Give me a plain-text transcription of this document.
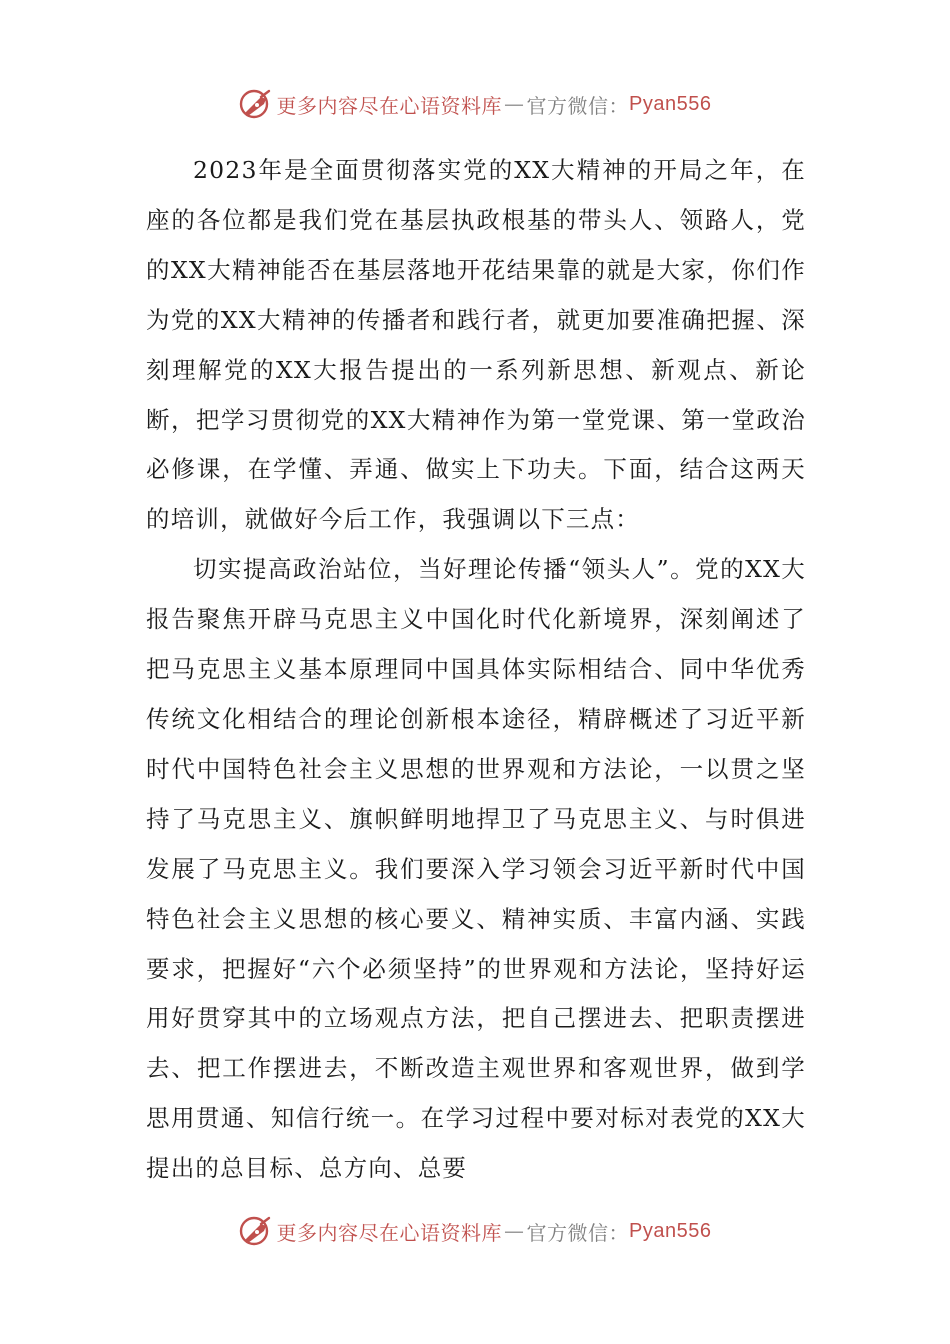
更多内容尽在心语资料库 — 官方微信： Pyan556

2023年是全面贯彻落实党的XX大精神的开局之年，在座的各位都是我们党在基层执政根基的带头人、领路人，党的XX大精神能否在基层落地开花结果靠的就是大家，你们作为党的XX大精神的传播者和践行者，就更加要准确把握、深刻理解党的XX大报告提出的一系列新思想、新观点、新论断，把学习贯彻党的XX大精神作为第一堂党课、第一堂政治必修课，在学懂、弄通、做实上下功夫。下面，结合这两天的培训，就做好今后工作，我强调以下三点：

切实提高政治站位，当好理论传播“领头人”。党的XX大报告聚焦开辟马克思主义中国化时代化新境界，深刻阐述了把马克思主义基本原理同中国具体实际相结合、同中华优秀传统文化相结合的理论创新根本途径，精辟概述了习近平新时代中国特色社会主义思想的世界观和方法论，一以贯之坚持了马克思主义、旗帜鲜明地捍卫了马克思主义、与时俱进发展了马克思主义。我们要深入学习领会习近平新时代中国特色社会主义思想的核心要义、精神实质、丰富内涵、实践要求，把握好“六个必须坚持”的世界观和方法论，坚持好运用好贯穿其中的立场观点方法，把自己摆进去、把职责摆进去、把工作摆进去，不断改造主观世界和客观世界，做到学思用贯通、知信行统一。在学习过程中要对标对表党的XX大提出的总目标、总方向、总要

更多内容尽在心语资料库 — 官方微信： Pyan556
